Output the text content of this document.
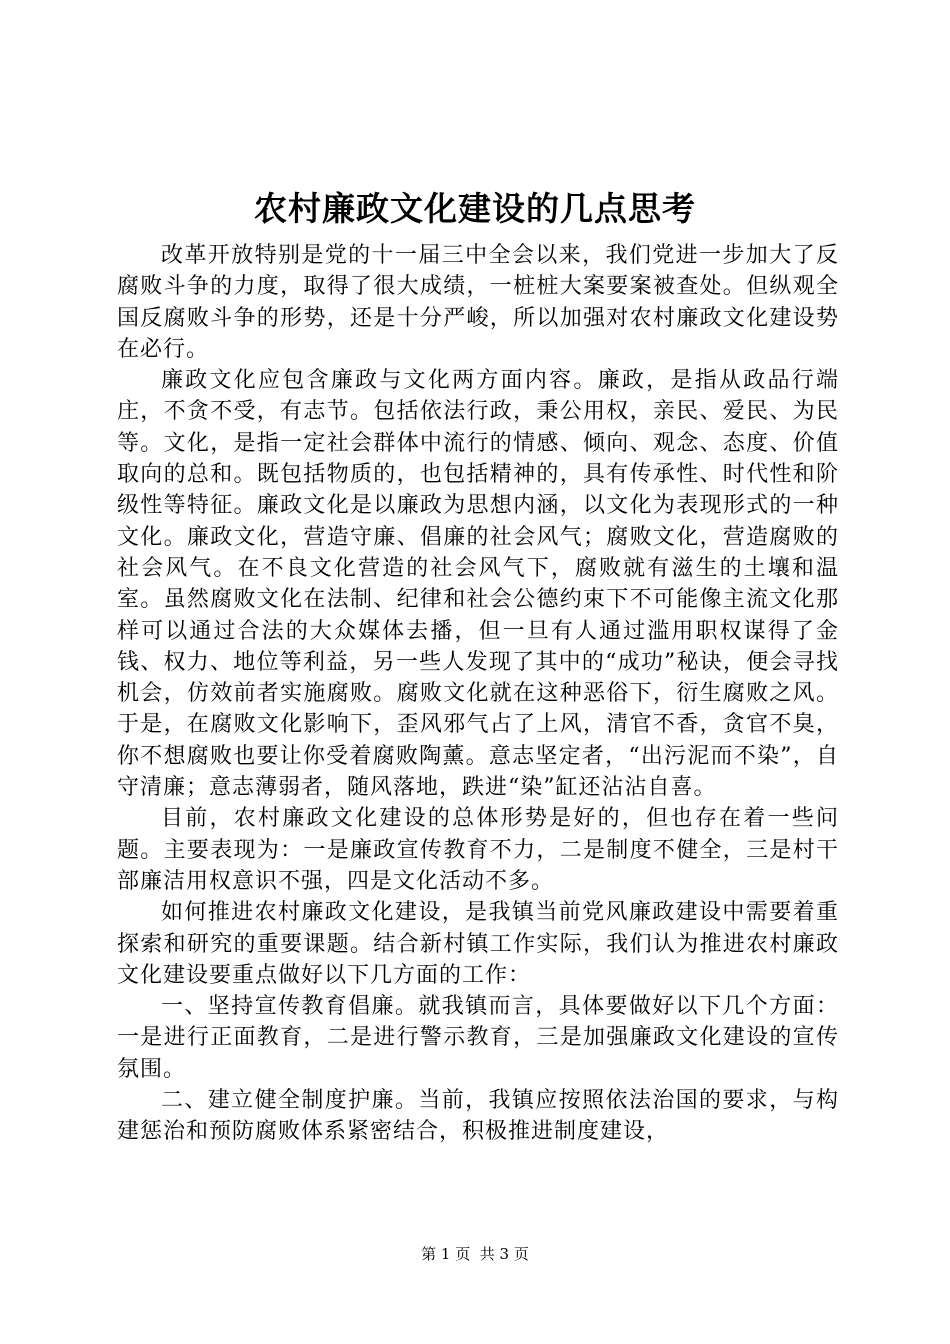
农村廉政文化建设的几点思考

改革开放特别是党的十一届三中全会以来，我们党进一步加大了反腐败斗争的力度，取得了很大成绩，一桩桩大案要案被查处。但纵观全国反腐败斗争的形势，还是十分严峻，所以加强对农村廉政文化建设势在必行。

廉政文化应包含廉政与文化两方面内容。廉政，是指从政品行端庄，不贪不受，有志节。包括依法行政，秉公用权，亲民、爱民、为民等。文化，是指一定社会群体中流行的情感、倾向、观念、态度、价值取向的总和。既包括物质的，也包括精神的，具有传承性、时代性和阶级性等特征。廉政文化是以廉政为思想内涵，以文化为表现形式的一种文化。廉政文化，营造守廉、倡廉的社会风气；腐败文化，营造腐败的社会风气。在不良文化营造的社会风气下，腐败就有滋生的土壤和温室。虽然腐败文化在法制、纪律和社会公德约束下不可能像主流文化那样可以通过合法的大众媒体去播，但一旦有人通过滥用职权谋得了金钱、权力、地位等利益，另一些人发现了其中的“成功”秘诀，便会寻找机会，仿效前者实施腐败。腐败文化就在这种恶俗下，衍生腐败之风。于是，在腐败文化影响下，歪风邪气占了上风，清官不香，贪官不臭，你不想腐败也要让你受着腐败陶薰。意志坚定者，“出污泥而不染”，自守清廉；意志薄弱者，随风落地，跌进“染”缸还沾沾自喜。

目前，农村廉政文化建设的总体形势是好的，但也存在着一些问题。主要表现为：一是廉政宣传教育不力，二是制度不健全，三是村干部廉洁用权意识不强，四是文化活动不多。

如何推进农村廉政文化建设，是我镇当前党风廉政建设中需要着重探索和研究的重要课题。结合新村镇工作实际，我们认为推进农村廉政文化建设要重点做好以下几方面的工作：

一、坚持宣传教育倡廉。就我镇而言，具体要做好以下几个方面：一是进行正面教育，二是进行警示教育，三是加强廉政文化建设的宣传氛围。

二、建立健全制度护廉。当前，我镇应按照依法治国的要求，与构建惩治和预防腐败体系紧密结合，积极推进制度建设，

第 1 页 共 3 页
